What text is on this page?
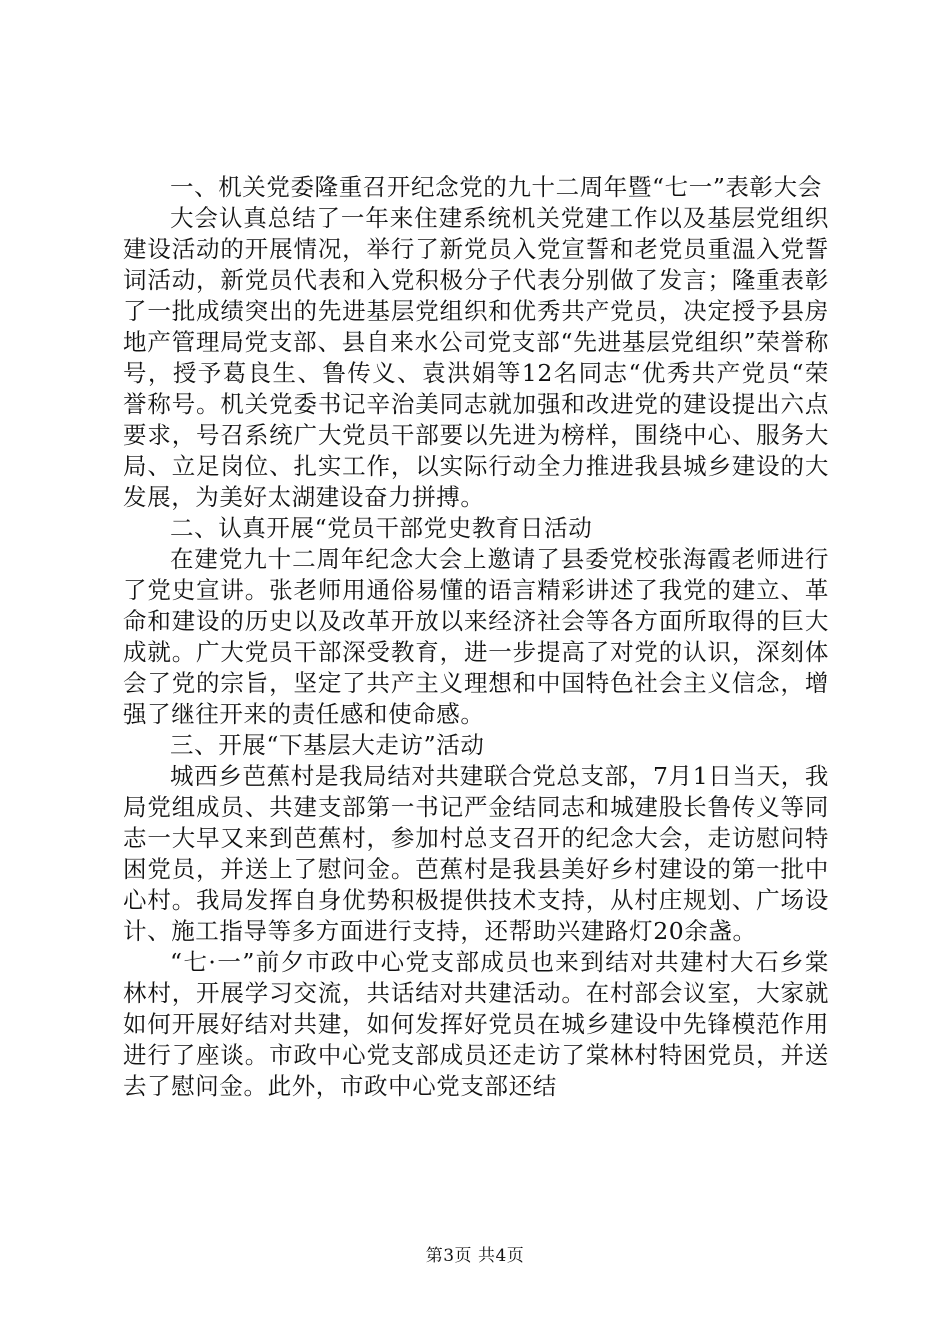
一、机关党委隆重召开纪念党的九十二周年暨“七一”表彰大会

大会认真总结了一年来住建系统机关党建工作以及基层党组织建设活动的开展情况，举行了新党员入党宣誓和老党员重温入党誓词活动，新党员代表和入党积极分子代表分别做了发言；隆重表彰了一批成绩突出的先进基层党组织和优秀共产党员，决定授予县房地产管理局党支部、县自来水公司党支部“先进基层党组织”荣誉称号，授予葛良生、鲁传义、袁洪娟等12名同志“优秀共产党员“荣誉称号。机关党委书记辛治美同志就加强和改进党的建设提出六点要求，号召系统广大党员干部要以先进为榜样，围绕中心、服务大局、立足岗位、扎实工作，以实际行动全力推进我县城乡建设的大发展，为美好太湖建设奋力拼搏。

二、认真开展“党员干部党史教育日活动

在建党九十二周年纪念大会上邀请了县委党校张海霞老师进行了党史宣讲。张老师用通俗易懂的语言精彩讲述了我党的建立、革命和建设的历史以及改革开放以来经济社会等各方面所取得的巨大成就。广大党员干部深受教育，进一步提高了对党的认识，深刻体会了党的宗旨，坚定了共产主义理想和中国特色社会主义信念，增强了继往开来的责任感和使命感。

三、开展“下基层大走访”活动

城西乡芭蕉村是我局结对共建联合党总支部，7月1日当天，我局党组成员、共建支部第一书记严金结同志和城建股长鲁传义等同志一大早又来到芭蕉村，参加村总支召开的纪念大会，走访慰问特困党员，并送上了慰问金。芭蕉村是我县美好乡村建设的第一批中心村。我局发挥自身优势积极提供技术支持，从村庄规划、广场设计、施工指导等多方面进行支持，还帮助兴建路灯20余盏。

“七·一”前夕市政中心党支部成员也来到结对共建村大石乡棠林村，开展学习交流，共话结对共建活动。在村部会议室，大家就如何开展好结对共建，如何发挥好党员在城乡建设中先锋模范作用进行了座谈。市政中心党支部成员还走访了棠林村特困党员，并送去了慰问金。此外，市政中心党支部还结

第3页 共4页
